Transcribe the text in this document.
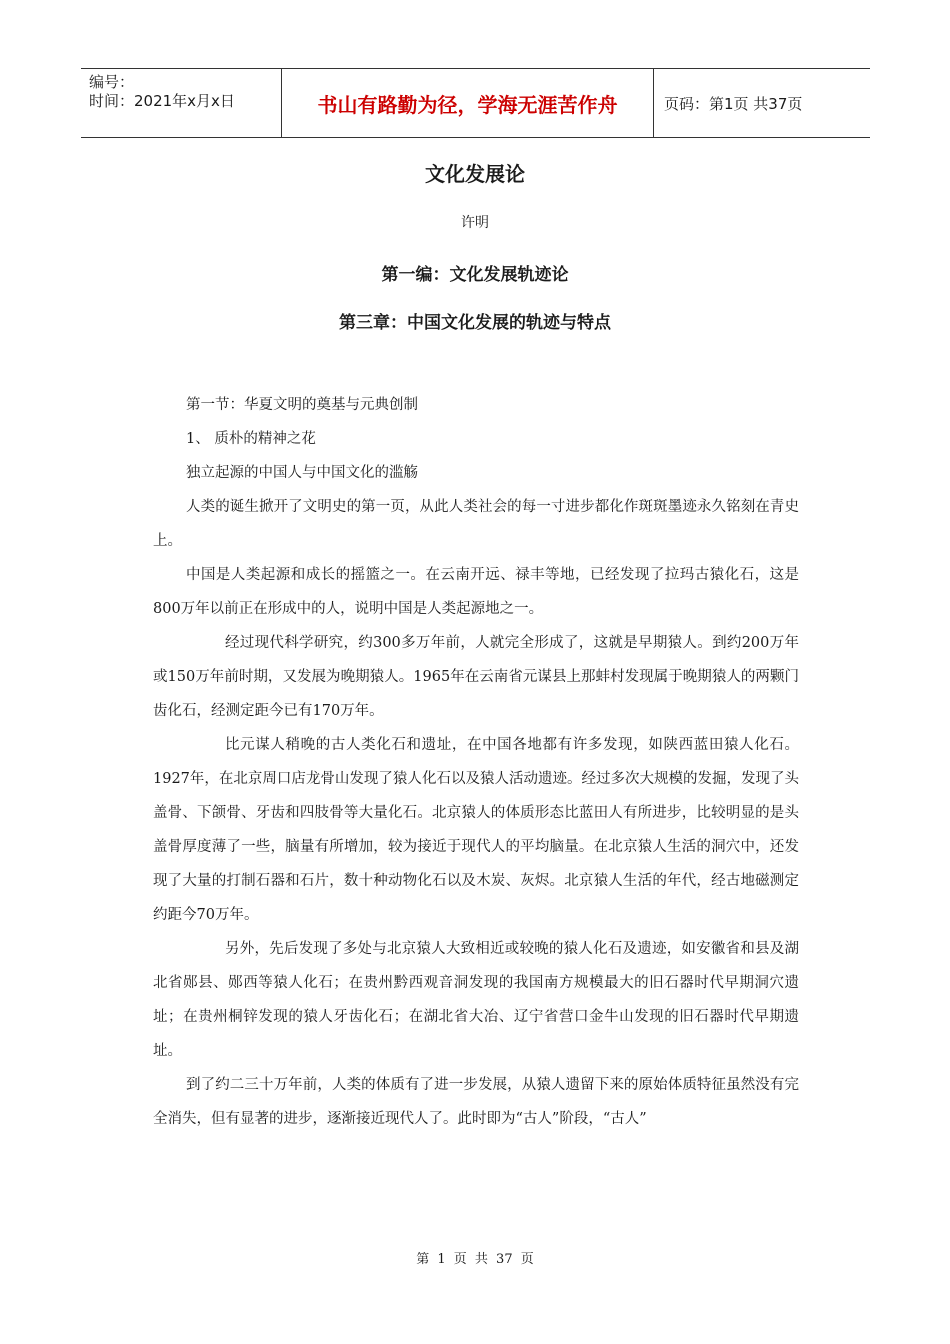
编号：
时间：2021年x月x日	书山有路勤为径，学海无涯苦作舟	页码：第1页 共37页
文化发展论
许明
第一编：文化发展轨迹论
第三章：中国文化发展的轨迹与特点

第一节：华夏文明的奠基与元典创制

1、 质朴的精神之花

独立起源的中国人与中国文化的滥觞

人类的诞生掀开了文明史的第一页，从此人类社会的每一寸进步都化作斑斑墨迹永久铭刻在青史上。

中国是人类起源和成长的摇篮之一。在云南开远、禄丰等地，已经发现了拉玛古猿化石，这是800万年以前正在形成中的人，说明中国是人类起源地之一。

经过现代科学研究，约300多万年前，人就完全形成了，这就是早期猿人。到约200万年或150万年前时期，又发展为晚期猿人。1965年在云南省元谋县上那蚌村发现属于晚期猿人的两颗门齿化石，经测定距今已有170万年。

比元谋人稍晚的古人类化石和遗址，在中国各地都有许多发现，如陕西蓝田猿人化石。1927年，在北京周口店龙骨山发现了猿人化石以及猿人活动遗迹。经过多次大规模的发掘，发现了头盖骨、下颌骨、牙齿和四肢骨等大量化石。北京猿人的体质形态比蓝田人有所进步，比较明显的是头盖骨厚度薄了一些，脑量有所增加，较为接近于现代人的平均脑量。在北京猿人生活的洞穴中，还发现了大量的打制石器和石片，数十种动物化石以及木炭、灰烬。北京猿人生活的年代，经古地磁测定约距今70万年。

另外，先后发现了多处与北京猿人大致相近或较晚的猿人化石及遗迹，如安徽省和县及湖北省郧县、郧西等猿人化石；在贵州黔西观音洞发现的我国南方规模最大的旧石器时代早期洞穴遗址；在贵州桐锌发现的猿人牙齿化石；在湖北省大冶、辽宁省营口金牛山发现的旧石器时代早期遗址。

到了约二三十万年前，人类的体质有了进一步发展，从猿人遗留下来的原始体质特征虽然没有完全消失，但有显著的进步，逐渐接近现代人了。此时即为“古人”阶段，“古人”

第 1 页 共 37 页
